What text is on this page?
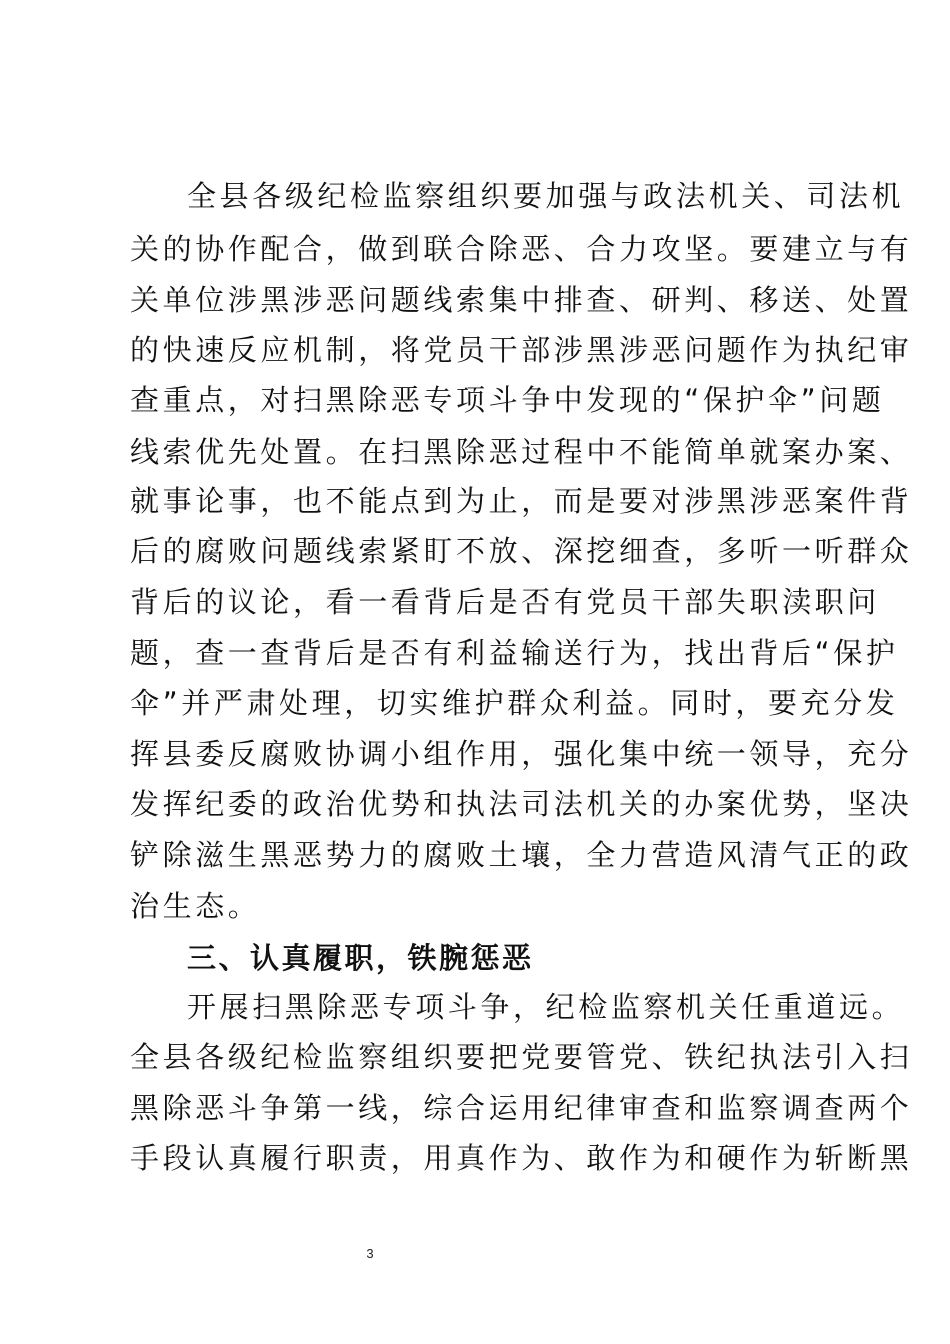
全县各级纪检监察组织要加强与政法机关、司法机
关的协作配合，做到联合除恶、合力攻坚。要建立与有
关单位涉黑涉恶问题线索集中排查、研判、移送、处置
的快速反应机制，将党员干部涉黑涉恶问题作为执纪审
查重点，对扫黑除恶专项斗争中发现的“保护伞”问题
线索优先处置。在扫黑除恶过程中不能简单就案办案、
就事论事，也不能点到为止，而是要对涉黑涉恶案件背
后的腐败问题线索紧盯不放、深挖细查，多听一听群众
背后的议论，看一看背后是否有党员干部失职渎职问
题，查一查背后是否有利益输送行为，找出背后“保护
伞”并严肃处理，切实维护群众利益。同时，要充分发
挥县委反腐败协调小组作用，强化集中统一领导，充分
发挥纪委的政治优势和执法司法机关的办案优势，坚决
铲除滋生黑恶势力的腐败土壤，全力营造风清气正的政
治生态。
三、认真履职，铁腕惩恶
开展扫黑除恶专项斗争，纪检监察机关任重道远。
全县各级纪检监察组织要把党要管党、铁纪执法引入扫
黑除恶斗争第一线，综合运用纪律审查和监察调查两个
手段认真履行职责，用真作为、敢作为和硬作为斩断黑
3
